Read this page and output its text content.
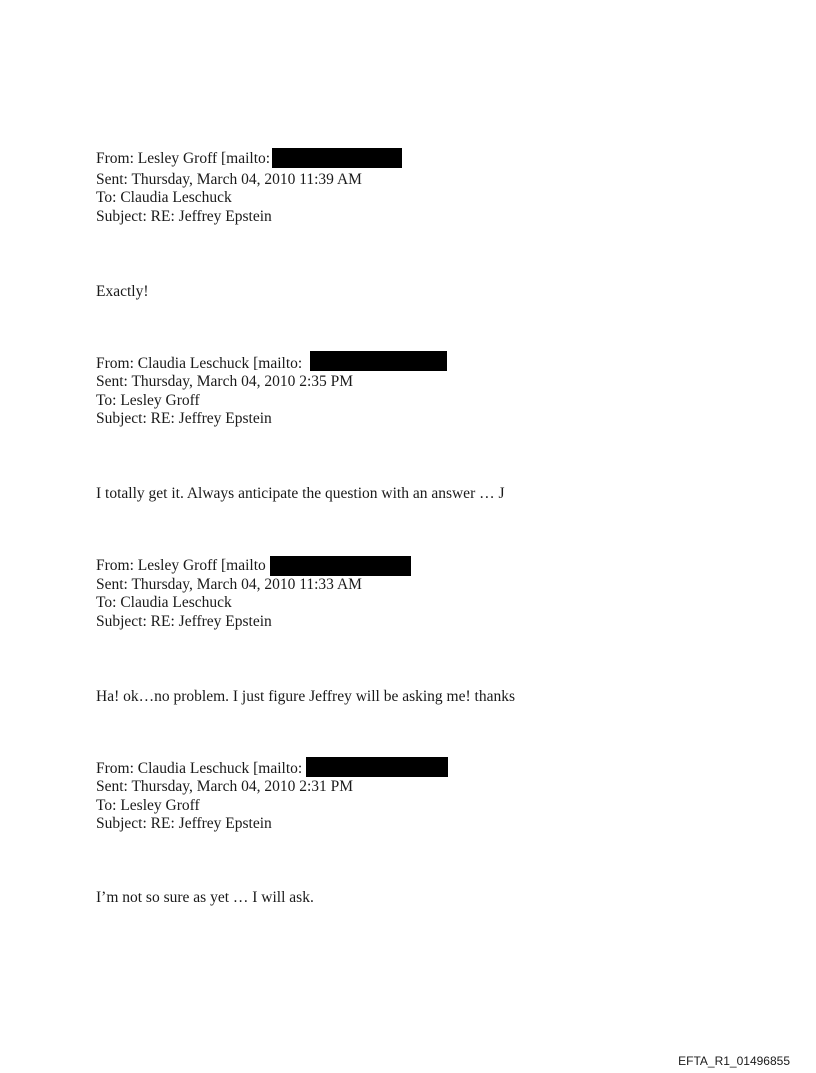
From: Lesley Groff [mailto:
Sent: Thursday, March 04, 2010 11:39 AM
To: Claudia Leschuck
Subject: RE: Jeffrey Epstein
Exactly!
From: Claudia Leschuck [mailto:
Sent: Thursday, March 04, 2010 2:35 PM
To: Lesley Groff
Subject: RE: Jeffrey Epstein
I totally get it. Always anticipate the question with an answer … J
From: Lesley Groff [mailto
Sent: Thursday, March 04, 2010 11:33 AM
To: Claudia Leschuck
Subject: RE: Jeffrey Epstein
Ha! ok…no problem. I just figure Jeffrey will be asking me! thanks
From: Claudia Leschuck [mailto:
Sent: Thursday, March 04, 2010 2:31 PM
To: Lesley Groff
Subject: RE: Jeffrey Epstein
I’m not so sure as yet … I will ask.
EFTA_R1_01496855
